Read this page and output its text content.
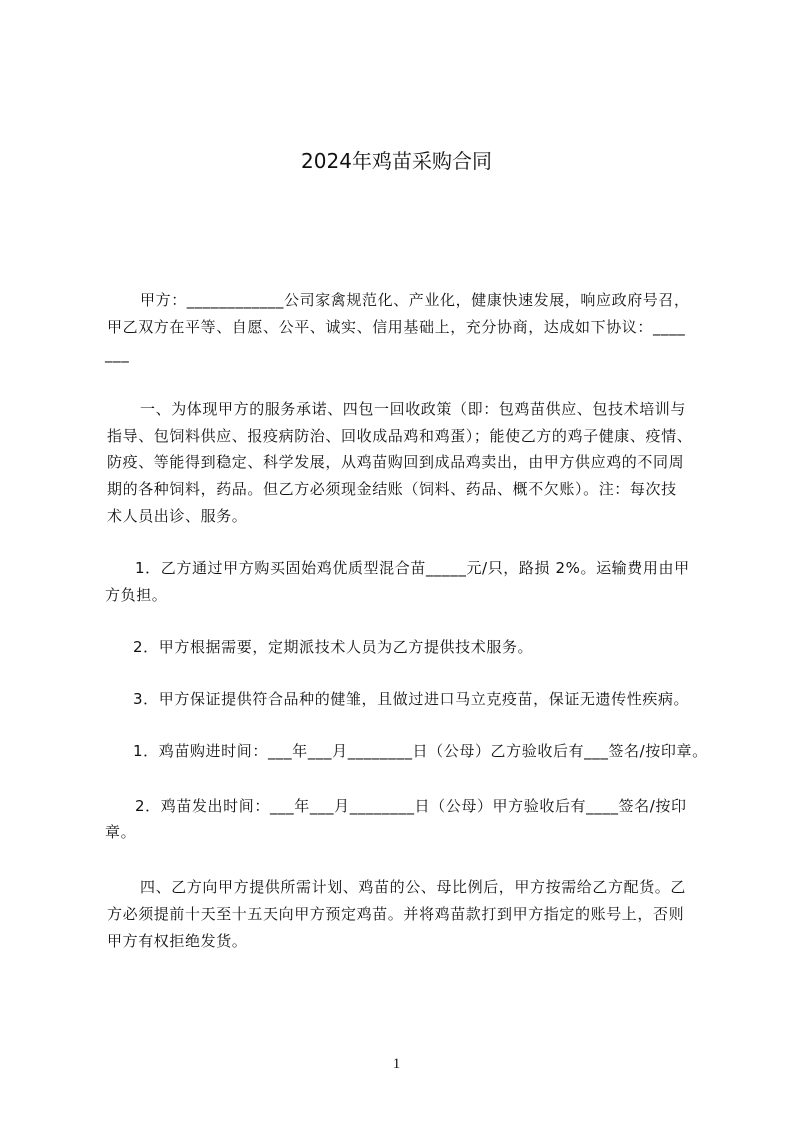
2024年鸡苗采购合同
甲方：____________公司家禽规范化、产业化，健康快速发展，响应政府号召，
甲乙双方在平等、自愿、公平、诚实、信用基础上，充分协商，达成如下协议：____
___
一、为体现甲方的服务承诺、四包一回收政策（即：包鸡苗供应、包技术培训与
指导、包饲料供应、报疫病防治、回收成品鸡和鸡蛋）；能使乙方的鸡子健康、疫情、
防疫、等能得到稳定、科学发展，从鸡苗购回到成品鸡卖出，由甲方供应鸡的不同周
期的各种饲料，药品。但乙方必须现金结账（饲料、药品、概不欠账）。注：每次技
术人员出诊、服务。
1．乙方通过甲方购买固始鸡优质型混合苗_____元/只，路损 2%。运输费用由甲
方负担。
2．甲方根据需要，定期派技术人员为乙方提供技术服务。
3．甲方保证提供符合品种的健雏，且做过进口马立克疫苗，保证无遗传性疾病。
1．鸡苗购进时间：___年___月________日（公母）乙方验收后有___签名/按印章。
2．鸡苗发出时间：___年___月________日（公母）甲方验收后有____签名/按印
章。
四、乙方向甲方提供所需计划、鸡苗的公、母比例后，甲方按需给乙方配货。乙
方必须提前十天至十五天向甲方预定鸡苗。并将鸡苗款打到甲方指定的账号上，否则
甲方有权拒绝发货。
1
